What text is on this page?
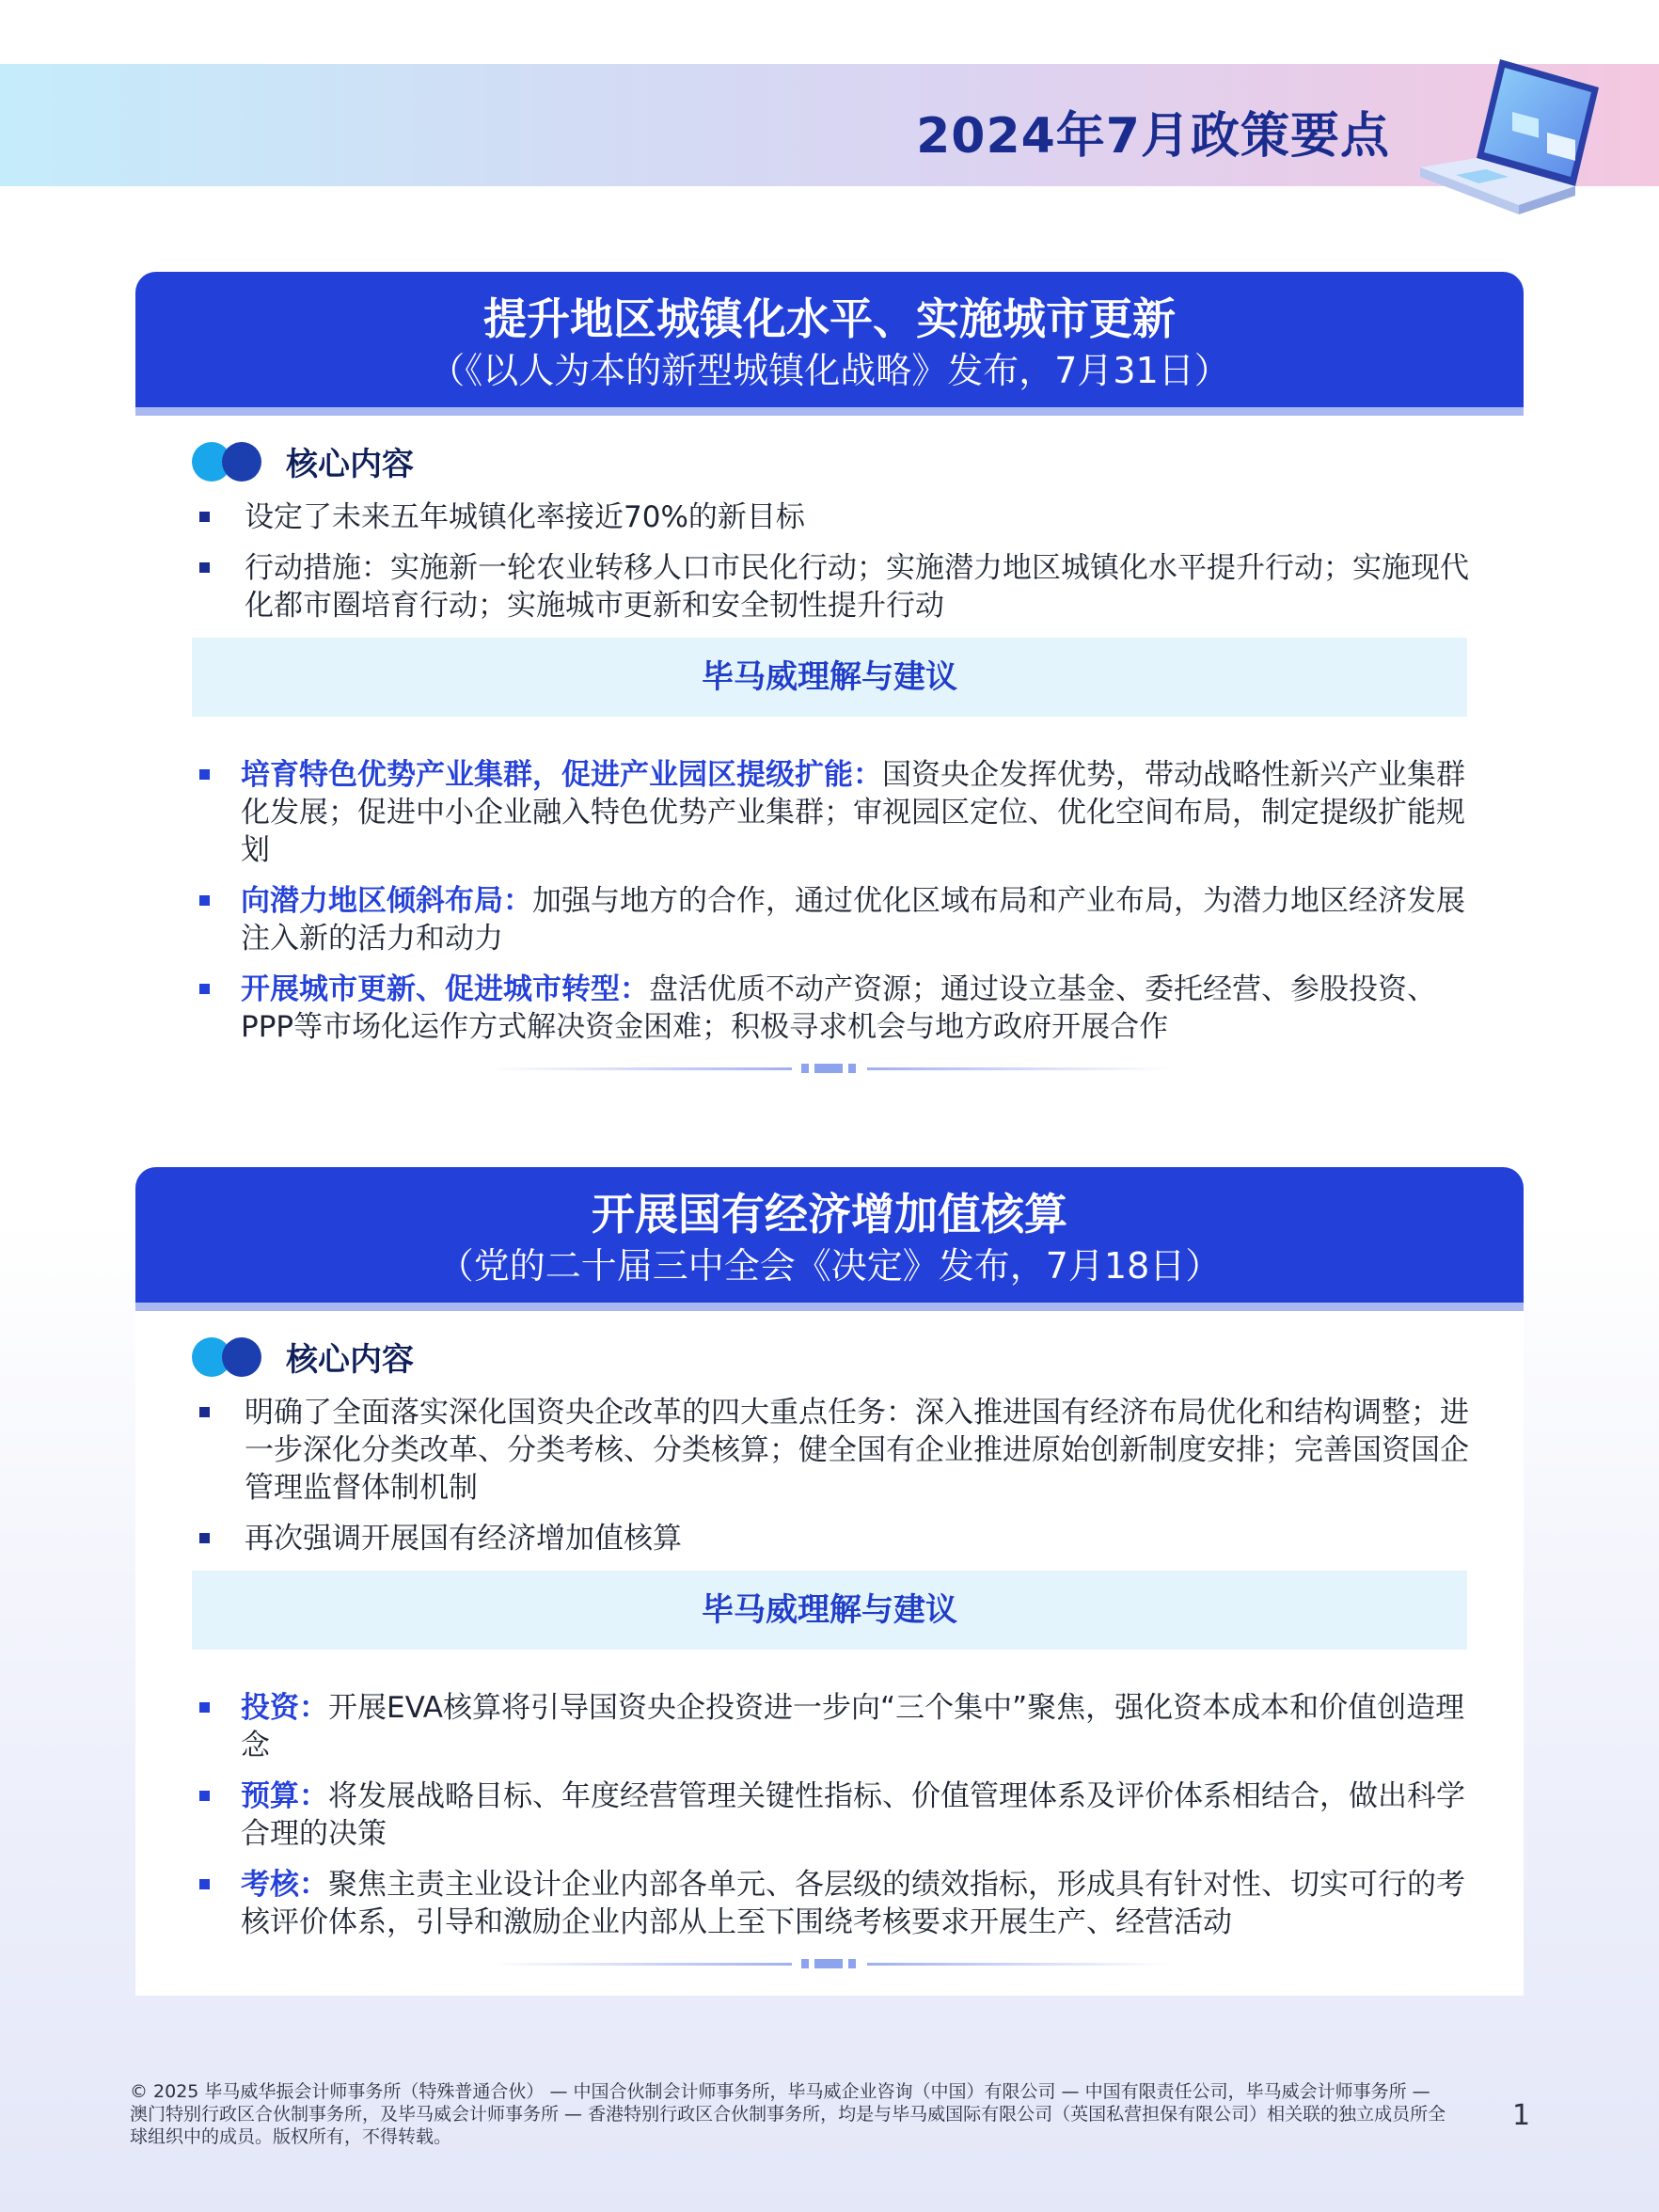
2024年7月政策要点
提升地区城镇化水平、实施城市更新
（《以人为本的新型城镇化战略》发布，7月31日）
核心内容
设定了未来五年城镇化率接近70%的新目标
行动措施：实施新一轮农业转移人口市民化行动；实施潜力地区城镇化水平提升行动；实施现代化都市圈培育行动；实施城市更新和安全韧性提升行动
毕马威理解与建议
培育特色优势产业集群，促进产业园区提级扩能：国资央企发挥优势，带动战略性新兴产业集群化发展；促进中小企业融入特色优势产业集群；审视园区定位、优化空间布局，制定提级扩能规划
向潜力地区倾斜布局：加强与地方的合作，通过优化区域布局和产业布局，为潜力地区经济发展注入新的活力和动力
开展城市更新、促进城市转型：盘活优质不动产资源；通过设立基金、委托经营、参股投资、PPP等市场化运作方式解决资金困难；积极寻求机会与地方政府开展合作
开展国有经济增加值核算
（党的二十届三中全会《决定》发布，7月18日）
核心内容
明确了全面落实深化国资央企改革的四大重点任务：深入推进国有经济布局优化和结构调整；进一步深化分类改革、分类考核、分类核算；健全国有企业推进原始创新制度安排；完善国资国企管理监督体制机制
再次强调开展国有经济增加值核算
毕马威理解与建议
投资：开展EVA核算将引导国资央企投资进一步向“三个集中”聚焦，强化资本成本和价值创造理念
预算：将发展战略目标、年度经营管理关键性指标、价值管理体系及评价体系相结合，做出科学合理的决策
考核：聚焦主责主业设计企业内部各单元、各层级的绩效指标，形成具有针对性、切实可行的考核评价体系，引导和激励企业内部从上至下围绕考核要求开展生产、经营活动
© 2025 毕马威华振会计师事务所（特殊普通合伙） — 中国合伙制会计师事务所，毕马威企业咨询（中国）有限公司 — 中国有限责任公司，毕马威会计师事务所 — 澳门特别行政区合伙制事务所，及毕马威会计师事务所 — 香港特别行政区合伙制事务所，均是与毕马威国际有限公司（英国私营担保有限公司）相关联的独立成员所全球组织中的成员。版权所有，不得转载。
1
